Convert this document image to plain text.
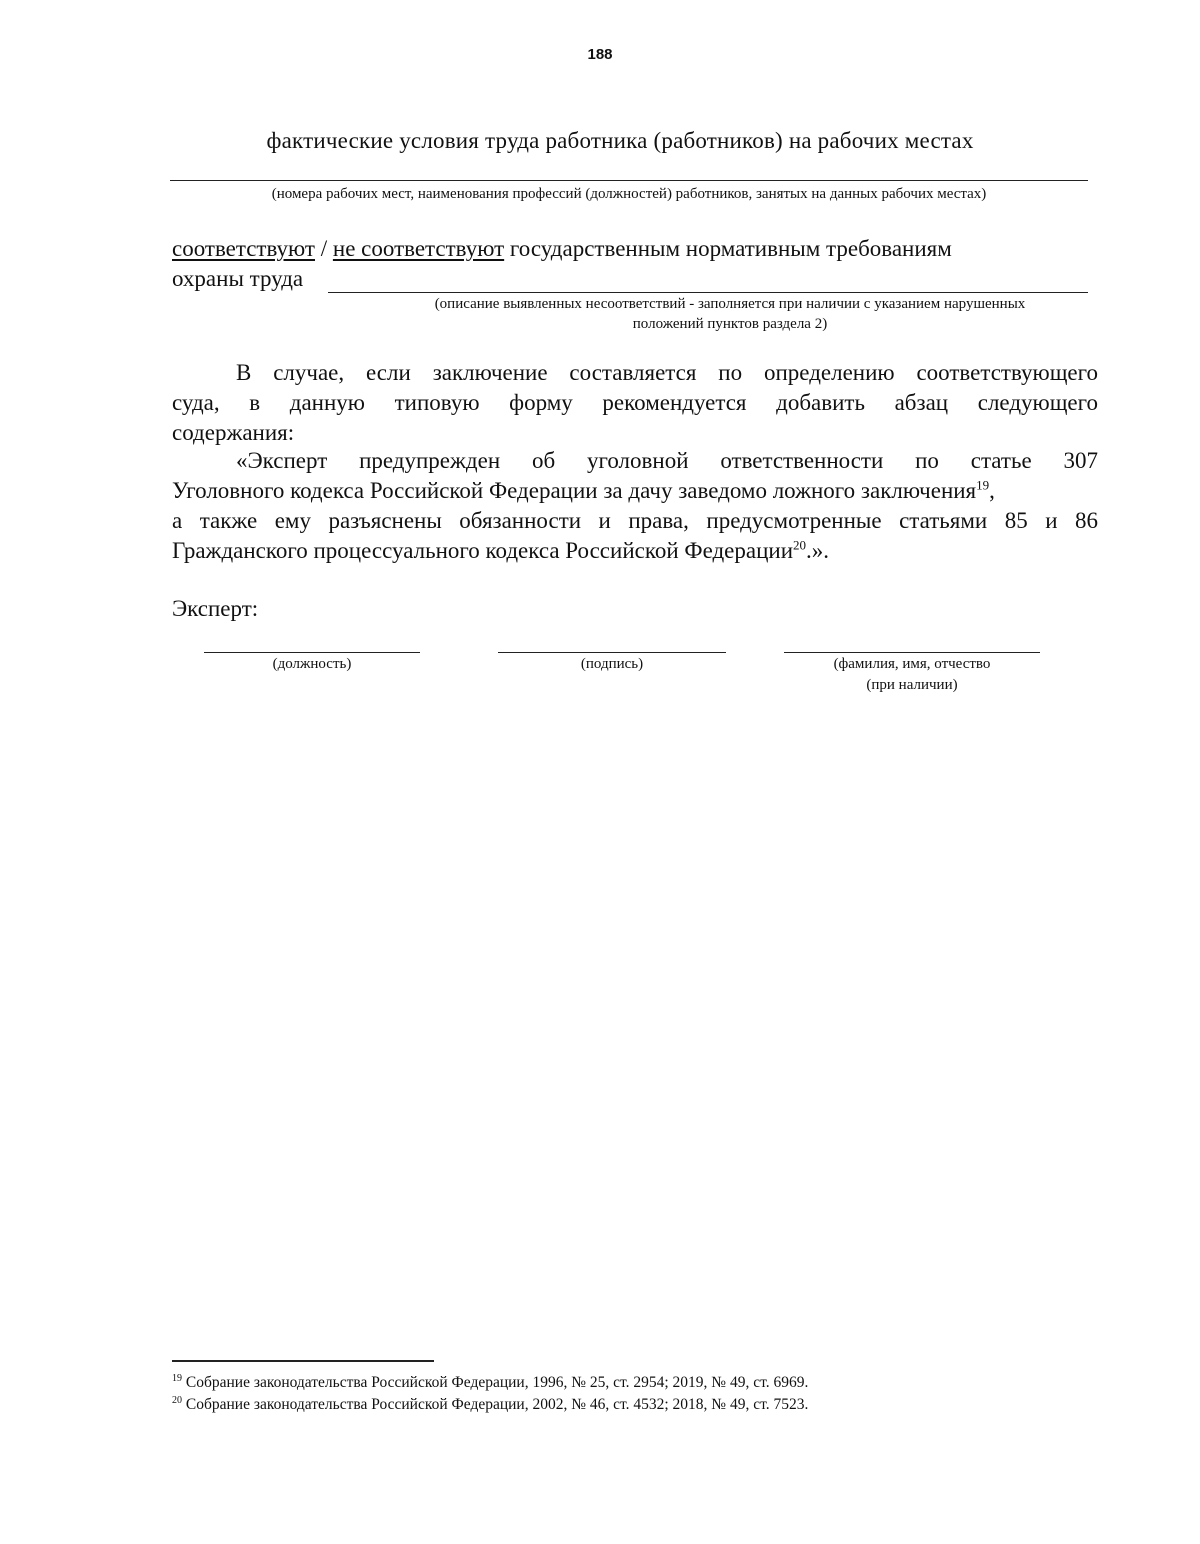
188
фактические условия труда работника (работников) на рабочих местах
(номера рабочих мест, наименования профессий (должностей) работников, занятых на данных рабочих местах)
соответствуют / не соответствуют государственным нормативным требованиям
охраны труда
(описание выявленных несоответствий - заполняется при наличии с указанием нарушенных
положений пунктов раздела 2)
В случае, если заключение составляется по определению соответствующего
суда, в данную типовую форму рекомендуется добавить абзац следующего
содержания:
«Эксперт предупрежден об уголовной ответственности по статье 307
Уголовного кодекса Российской Федерации за дачу заведомо ложного заключения$^{19}$,
а также ему разъяснены обязанности и права, предусмотренные статьями 85 и 86
Гражданского процессуального кодекса Российской Федерации$^{20}$.».
Эксперт:
(должность)	(подпись)	(фамилия, имя, отчество
(при наличии)
$^{19}$ Собрание законодательства Российской Федерации, 1996, № 25, ст. 2954; 2019, № 49, ст. 6969.
$^{20}$ Собрание законодательства Российской Федерации, 2002, № 46, ст. 4532; 2018, № 49, ст. 7523.
